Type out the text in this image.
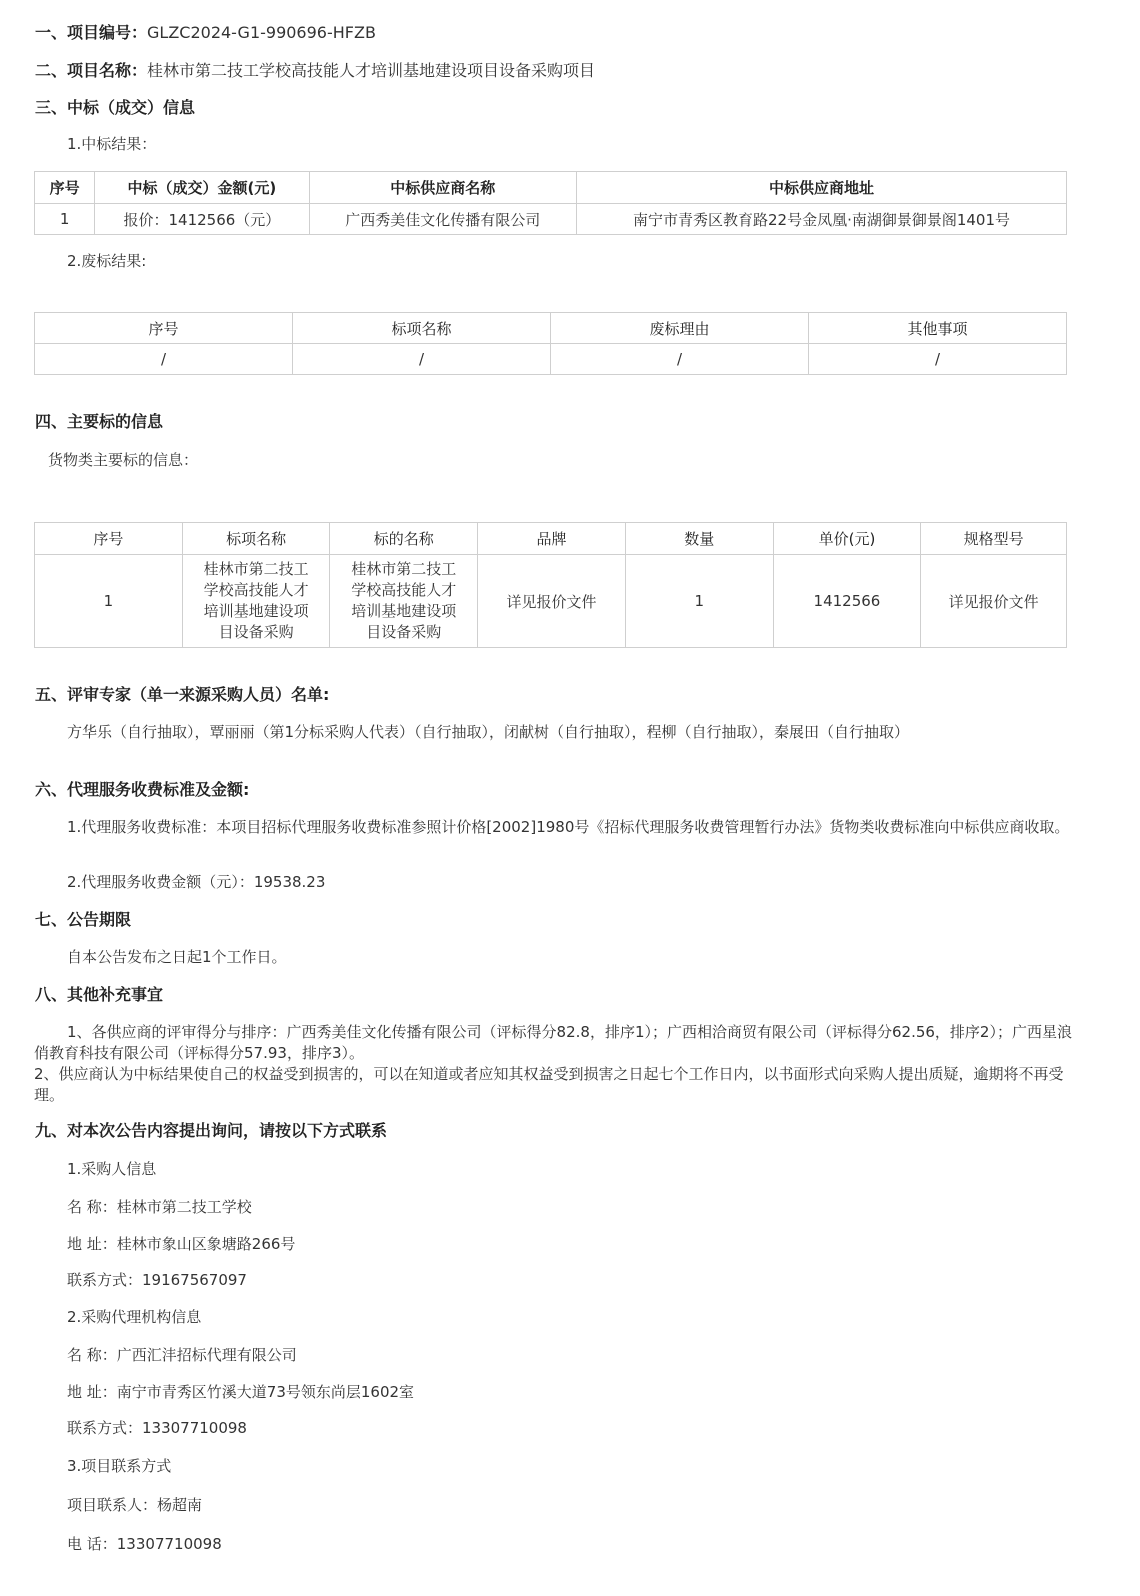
一、项目编号：GLZC2024-G1-990696-HFZB
二、项目名称：桂林市第二技工学校高技能人才培训基地建设项目设备采购项目
三、中标（成交）信息
1.中标结果：
序号	中标（成交）金额(元)	中标供应商名称	中标供应商地址
1	报价：1412566（元）	广西秀美佳文化传播有限公司	南宁市青秀区教育路22号金凤凰·南湖御景御景阁1401号
2.废标结果:
序号	标项名称	废标理由	其他事项
/	/	/	/
四、主要标的信息
货物类主要标的信息：
序号	标项名称	标的名称	品牌	数量	单价(元)	规格型号
1	桂林市第二技工学校高技能人才培训基地建设项目设备采购	桂林市第二技工学校高技能人才培训基地建设项目设备采购	详见报价文件	1	1412566	详见报价文件
五、评审专家（单一来源采购人员）名单:
方华乐（自行抽取），覃丽丽（第1分标采购人代表）（自行抽取），闭献树（自行抽取），程柳（自行抽取），秦展田（自行抽取）
六、代理服务收费标准及金额:
1.代理服务收费标准：本项目招标代理服务收费标准参照计价格[2002]1980号《招标代理服务收费管理暂行办法》货物类收费标准向中标供应商收取。
2.代理服务收费金额（元）：19538.23
七、公告期限
自本公告发布之日起1个工作日。
八、其他补充事宜
1、各供应商的评审得分与排序：广西秀美佳文化传播有限公司（评标得分82.8，排序1）；广西相洽商贸有限公司（评标得分62.56，排序2）；广西星浪俏教育科技有限公司（评标得分57.93，排序3）。
2、供应商认为中标结果使自己的权益受到损害的，可以在知道或者应知其权益受到损害之日起七个工作日内，以书面形式向采购人提出质疑，逾期将不再受理。
九、对本次公告内容提出询问，请按以下方式联系
1.采购人信息
名 称：桂林市第二技工学校
地 址：桂林市象山区象塘路266号
联系方式：19167567097
2.采购代理机构信息
名 称：广西汇沣招标代理有限公司
地 址：南宁市青秀区竹溪大道73号领东尚层1602室
联系方式：13307710098
3.项目联系方式
项目联系人：杨超南
电 话：13307710098
